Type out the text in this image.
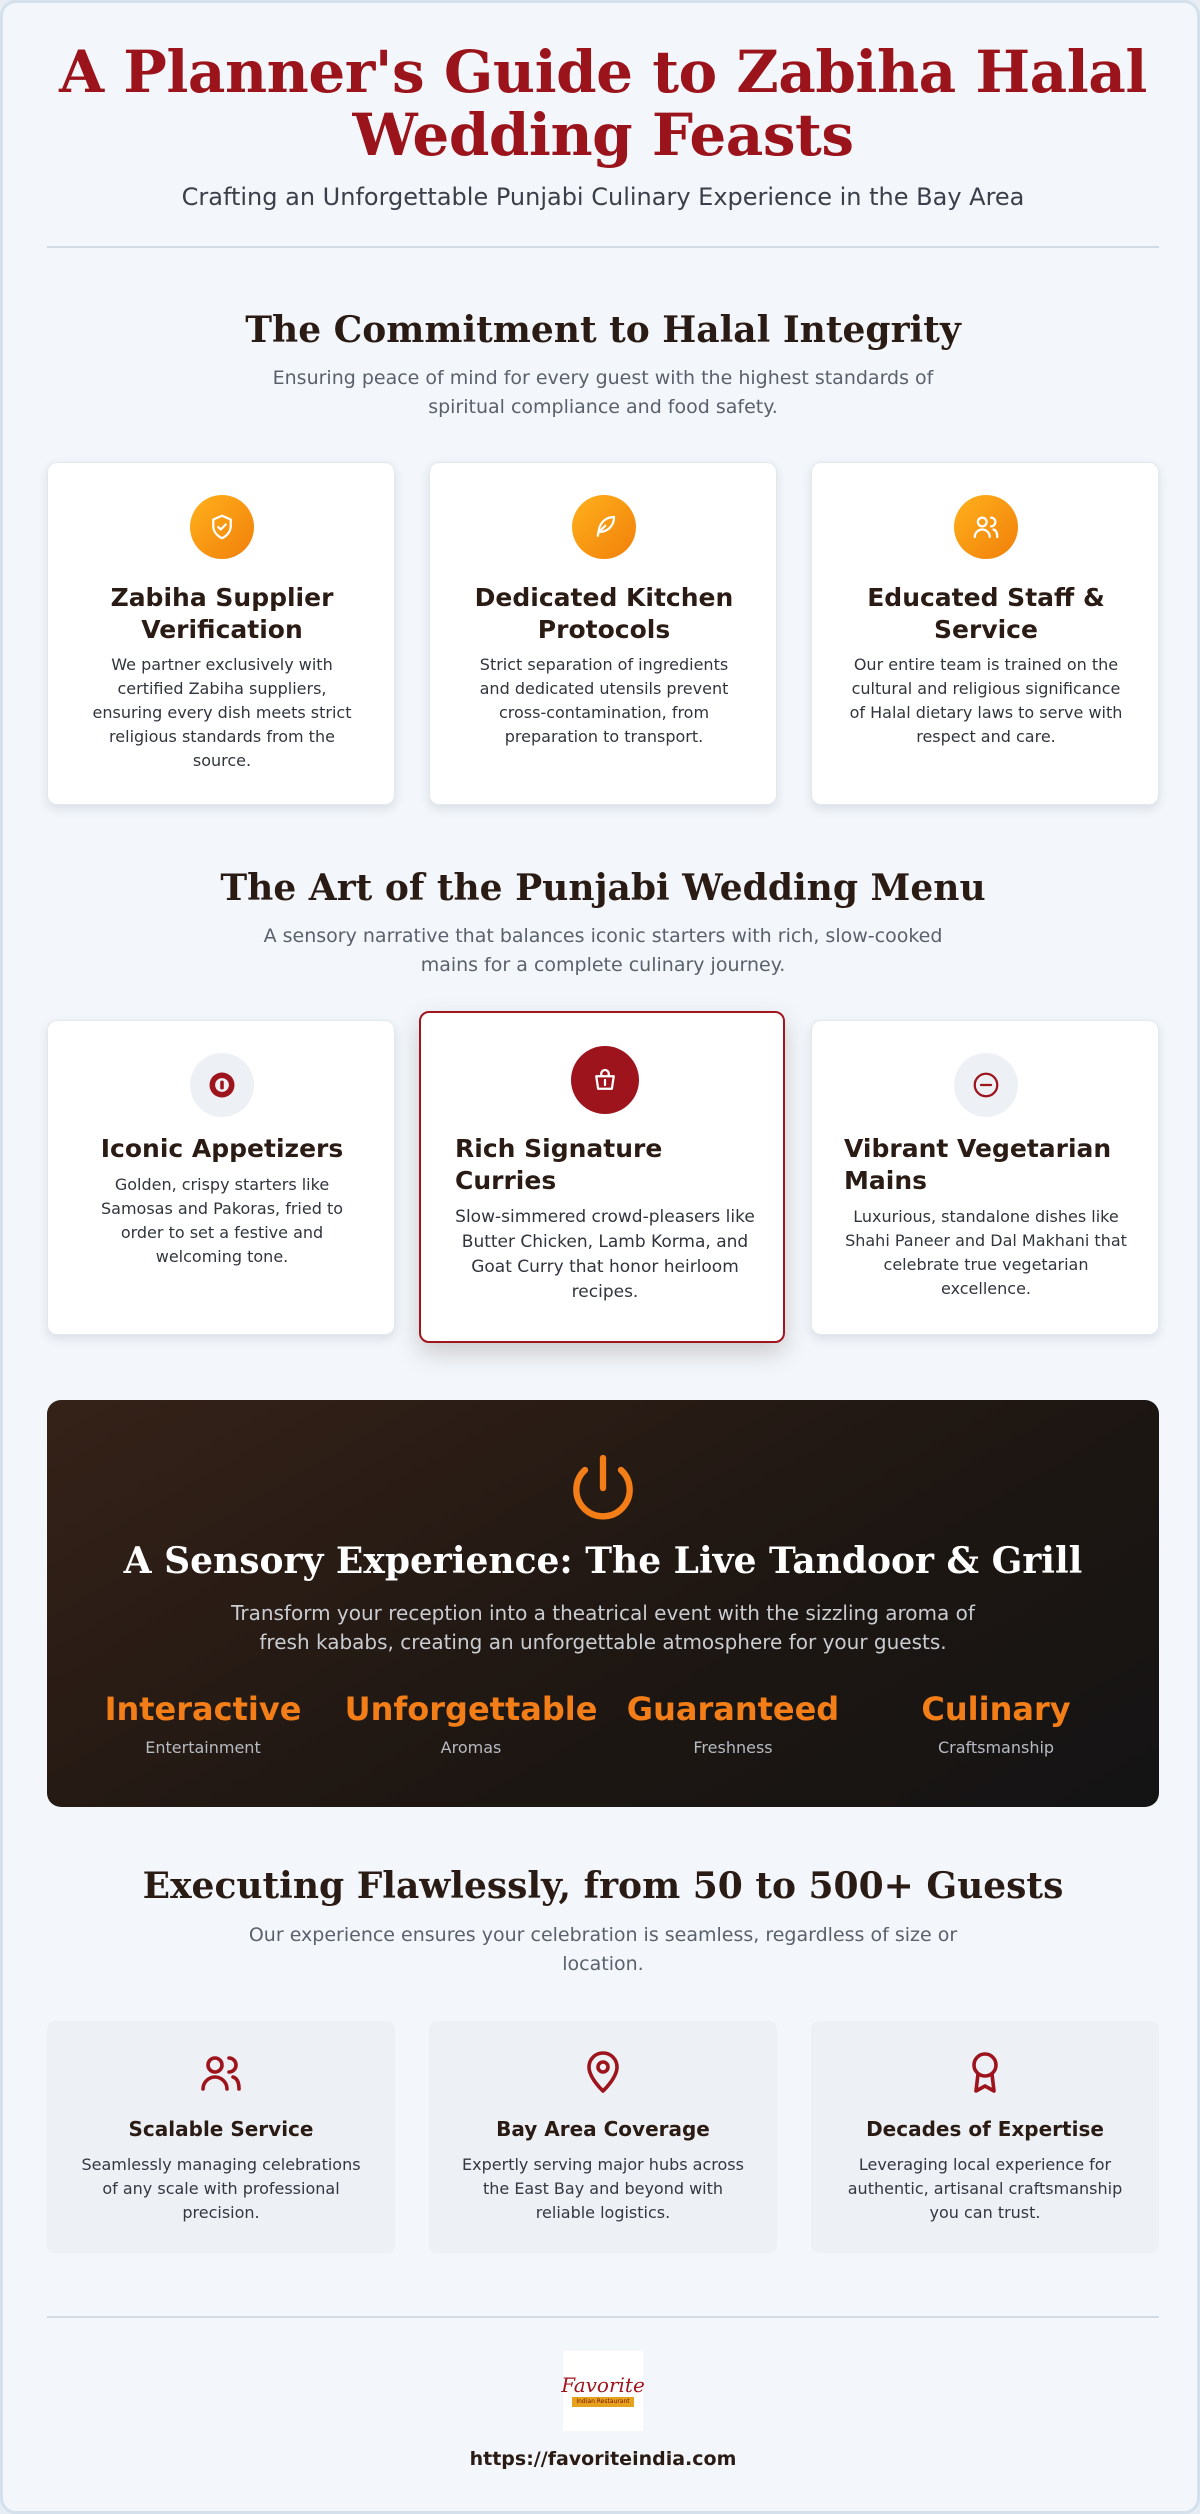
A Planner's Guide to Zabiha Halal Wedding Feasts

Crafting an Unforgettable Punjabi Culinary Experience in the Bay Area

The Commitment to Halal Integrity

Ensuring peace of mind for every guest with the highest standards of spiritual compliance and food safety.

Zabiha Supplier Verification
We partner exclusively with certified Zabiha suppliers, ensuring every dish meets strict religious standards from the source.
Dedicated Kitchen Protocols
Strict separation of ingredients and dedicated utensils prevent cross-contamination, from preparation to transport.
Educated Staff & Service
Our entire team is trained on the cultural and religious significance of Halal dietary laws to serve with respect and care.
The Art of the Punjabi Wedding Menu

A sensory narrative that balances iconic starters with rich, slow-cooked mains for a complete culinary journey.

Iconic Appetizers
Golden, crispy starters like Samosas and Pakoras, fried to order to set a festive and welcoming tone.
Rich Signature Curries
Slow-simmered crowd-pleasers like Butter Chicken, Lamb Korma, and Goat Curry that honor heirloom recipes.
Vibrant Vegetarian Mains
Luxurious, standalone dishes like Shahi Paneer and Dal Makhani that celebrate true vegetarian excellence.
A Sensory Experience: The Live Tandoor & Grill

Transform your reception into a theatrical event with the sizzling aroma of fresh kababs, creating an unforgettable atmosphere for your guests.

Interactive
Entertainment
Unforgettable
Aromas
Guaranteed
Freshness
Culinary
Craftsmanship
Executing Flawlessly, from 50 to 500+ Guests

Our experience ensures your celebration is seamless, regardless of size or location.

Scalable Service
Seamlessly managing celebrations of any scale with professional precision.
Bay Area Coverage
Expertly serving major hubs across the East Bay and beyond with reliable logistics.
Decades of Expertise
Leveraging local experience for authentic, artisanal craftsmanship you can trust.
Favorite
Indian Restaurant
https://favoriteindia.com
